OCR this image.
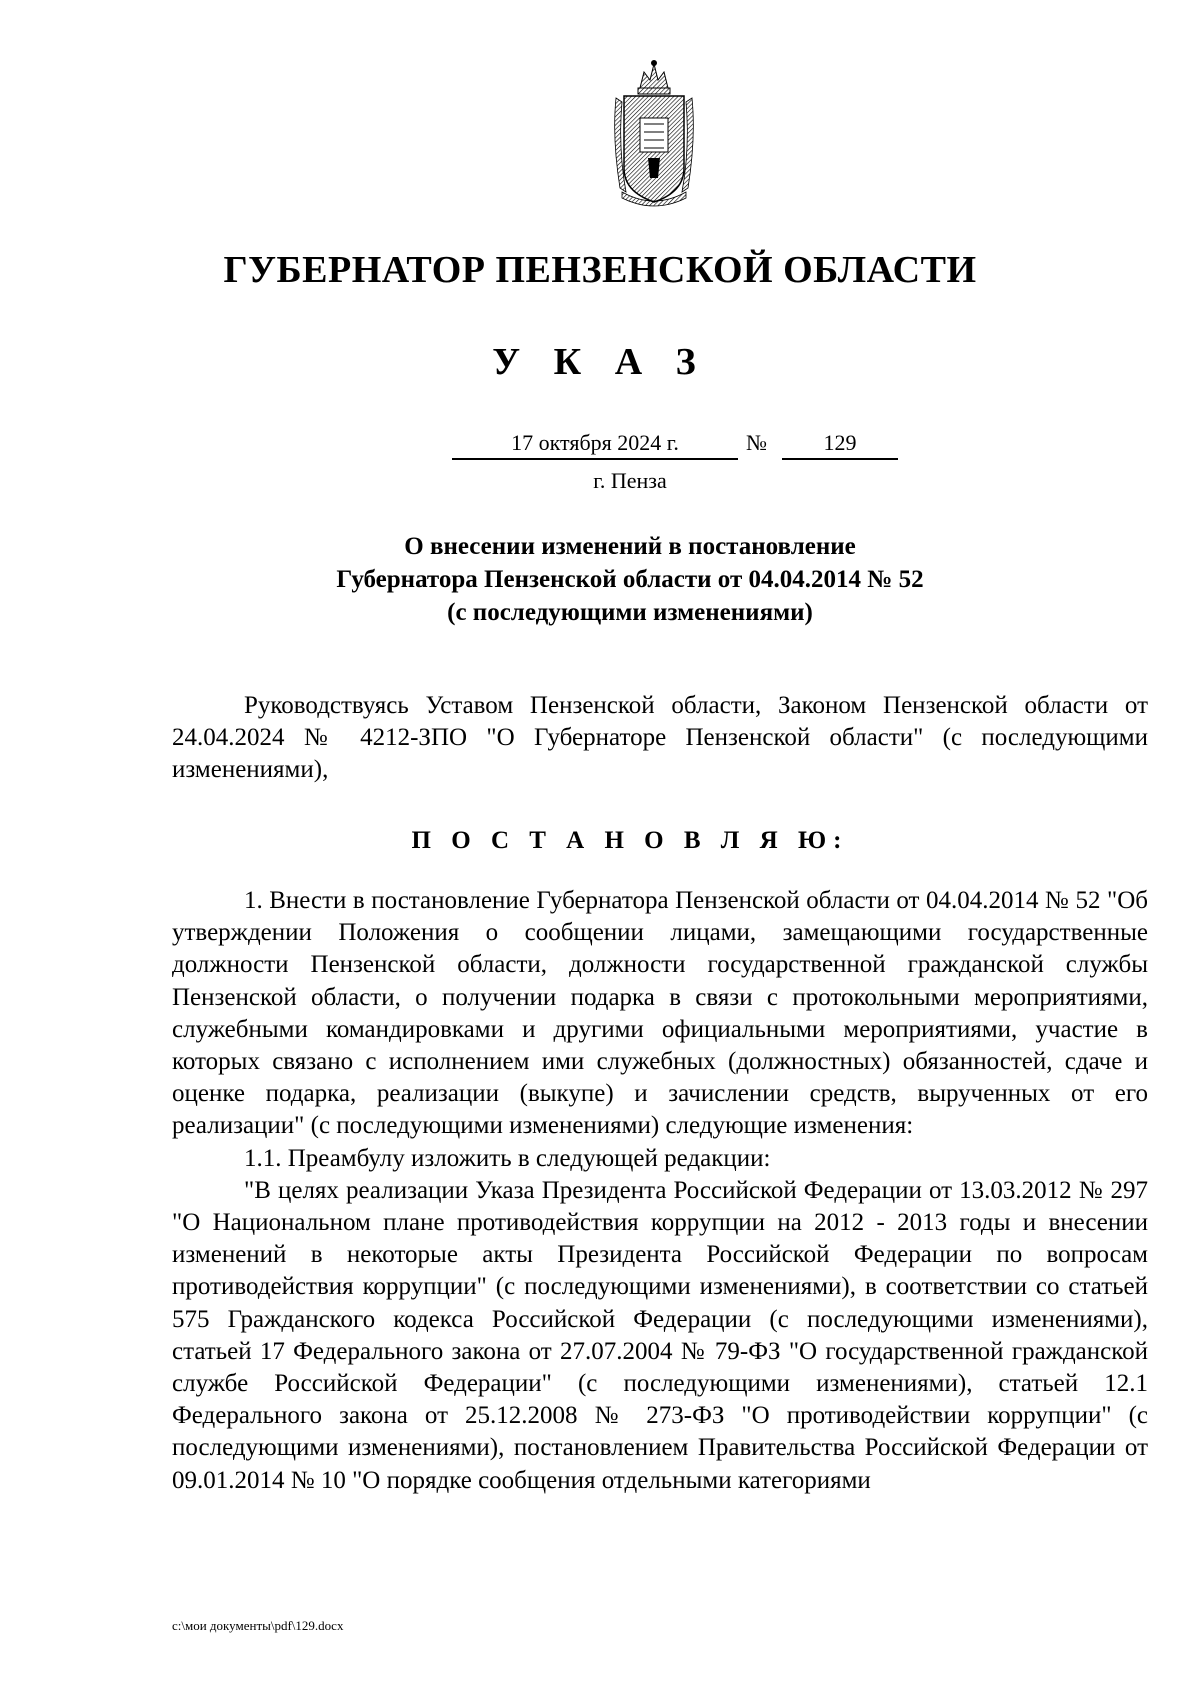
ГУБЕРНАТОР ПЕНЗЕНСКОЙ ОБЛАСТИ
У К А З
17 октября 2024 г.	№	129
г. Пенза
О внесении изменений в постановление
Губернатора Пензенской области от 04.04.2014 № 52
(с последующими изменениями)

Руководствуясь Уставом Пензенской области, Законом Пензенской области от 24.04.2024 № 4212-ЗПО "О Губернаторе Пензенской области" (с последующими изменениями),

П О С Т А Н О В Л Я Ю:

1. Внести в постановление Губернатора Пензенской области от 04.04.2014 № 52 "Об утверждении Положения о сообщении лицами, замещающими государственные должности Пензенской области, должности государственной гражданской службы Пензенской области, о получении подарка в связи с протокольными мероприятиями, служебными командировками и другими официальными мероприятиями, участие в которых связано с исполнением ими служебных (должностных) обязанностей, сдаче и оценке подарка, реализации (выкупе) и зачислении средств, вырученных от его реализации" (с последующими изменениями) следующие изменения:

1.1. Преамбулу изложить в следующей редакции:

"В целях реализации Указа Президента Российской Федерации от 13.03.2012 № 297 "О Национальном плане противодействия коррупции на 2012 - 2013 годы и внесении изменений в некоторые акты Президента Российской Федерации по вопросам противодействия коррупции" (с последующими изменениями), в соответствии со статьей 575 Гражданского кодекса Российской Федерации (с последующими изменениями), статьей 17 Федерального закона от 27.07.2004 № 79-ФЗ "О государственной гражданской службе Российской Федерации" (с последующими изменениями), статьей 12.1 Федерального закона от 25.12.2008 № 273-ФЗ "О противодействии коррупции" (с последующими изменениями), постановлением Правительства Российской Федерации от 09.01.2014 № 10 "О порядке сообщения отдельными категориями

c:\мои документы\pdf\129.docx
